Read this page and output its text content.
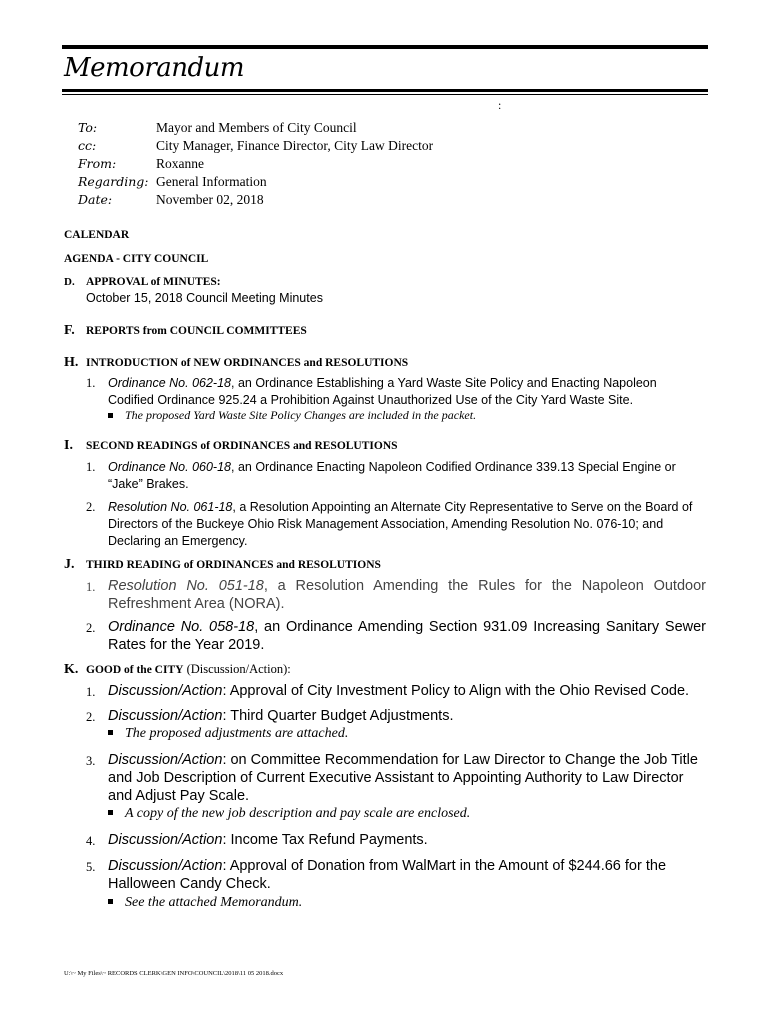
Memorandum
:
To:	Mayor and Members of City Council
cc:	City Manager, Finance Director, City Law Director
From:	Roxanne
Regarding: General Information
Date:	November 02, 2018
CALENDAR
AGENDA - CITY COUNCIL
D. APPROVAL of MINUTES:
October 15, 2018 Council Meeting Minutes
F. REPORTS from COUNCIL COMMITTEES
H. INTRODUCTION of NEW ORDINANCES and RESOLUTIONS
1. Ordinance No. 062-18, an Ordinance Establishing a Yard Waste Site Policy and Enacting Napoleon Codified Ordinance 925.24 a Prohibition Against Unauthorized Use of the City Yard Waste Site.
The proposed Yard Waste Site Policy Changes are included in the packet.
I. SECOND READINGS of ORDINANCES and RESOLUTIONS
1. Ordinance No. 060-18, an Ordinance Enacting Napoleon Codified Ordinance 339.13 Special Engine or “Jake” Brakes.
2. Resolution No. 061-18, a Resolution Appointing an Alternate City Representative to Serve on the Board of Directors of the Buckeye Ohio Risk Management Association, Amending Resolution No. 076-10; and Declaring an Emergency.
J. THIRD READING of ORDINANCES and RESOLUTIONS
1. Resolution No. 051-18, a Resolution Amending the Rules for the Napoleon Outdoor Refreshment Area (NORA).
2. Ordinance No. 058-18, an Ordinance Amending Section 931.09 Increasing Sanitary Sewer Rates for the Year 2019.
K. GOOD of the CITY (Discussion/Action):
1. Discussion/Action: Approval of City Investment Policy to Align with the Ohio Revised Code.
2. Discussion/Action: Third Quarter Budget Adjustments.
The proposed adjustments are attached.
3. Discussion/Action: on Committee Recommendation for Law Director to Change the Job Title and Job Description of Current Executive Assistant to Appointing Authority to Law Director and Adjust Pay Scale.
A copy of the new job description and pay scale are enclosed.
4. Discussion/Action: Income Tax Refund Payments.
5. Discussion/Action: Approval of Donation from WalMart in the Amount of $244.66 for the Halloween Candy Check.
See the attached Memorandum.
U:\~ My Files\~ RECORDS CLERK\GEN INFO\COUNCIL\2018\11 05 2018.docx
